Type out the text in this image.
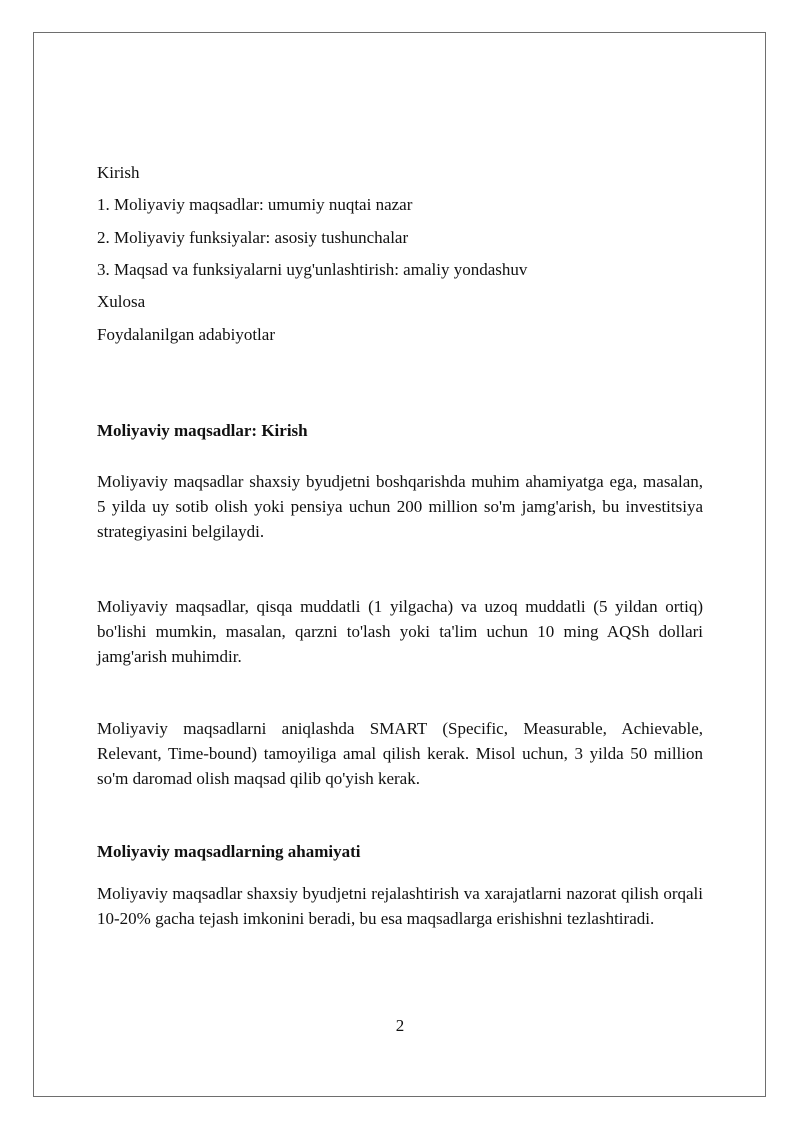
Kirish
1. Moliyaviy maqsadlar: umumiy nuqtai nazar
2. Moliyaviy funksiyalar: asosiy tushunchalar
3. Maqsad va funksiyalarni uyg'unlashtirish: amaliy yondashuv
Xulosa
Foydalanilgan adabiyotlar
Moliyaviy maqsadlar: Kirish
Moliyaviy maqsadlar shaxsiy byudjetni boshqarishda muhim ahamiyatga ega, masalan, 5 yilda uy sotib olish yoki pensiya uchun 200 million so'm jamg'arish, bu investitsiya strategiyasini belgilaydi.
Moliyaviy maqsadlar, qisqa muddatli (1 yilgacha) va uzoq muddatli (5 yildan ortiq) bo'lishi mumkin, masalan, qarzni to'lash yoki ta'lim uchun 10 ming AQSh dollari jamg'arish muhimdir.
Moliyaviy maqsadlarni aniqlashda SMART (Specific, Measurable, Achievable, Relevant, Time-bound) tamoyiliga amal qilish kerak. Misol uchun, 3 yilda 50 million so'm daromad olish maqsad qilib qo'yish kerak.
Moliyaviy maqsadlarning ahamiyati
Moliyaviy maqsadlar shaxsiy byudjetni rejalashtirish va xarajatlarni nazorat qilish orqali 10-20% gacha tejash imkonini beradi, bu esa maqsadlarga erishishni tezlashtiradi.
2
